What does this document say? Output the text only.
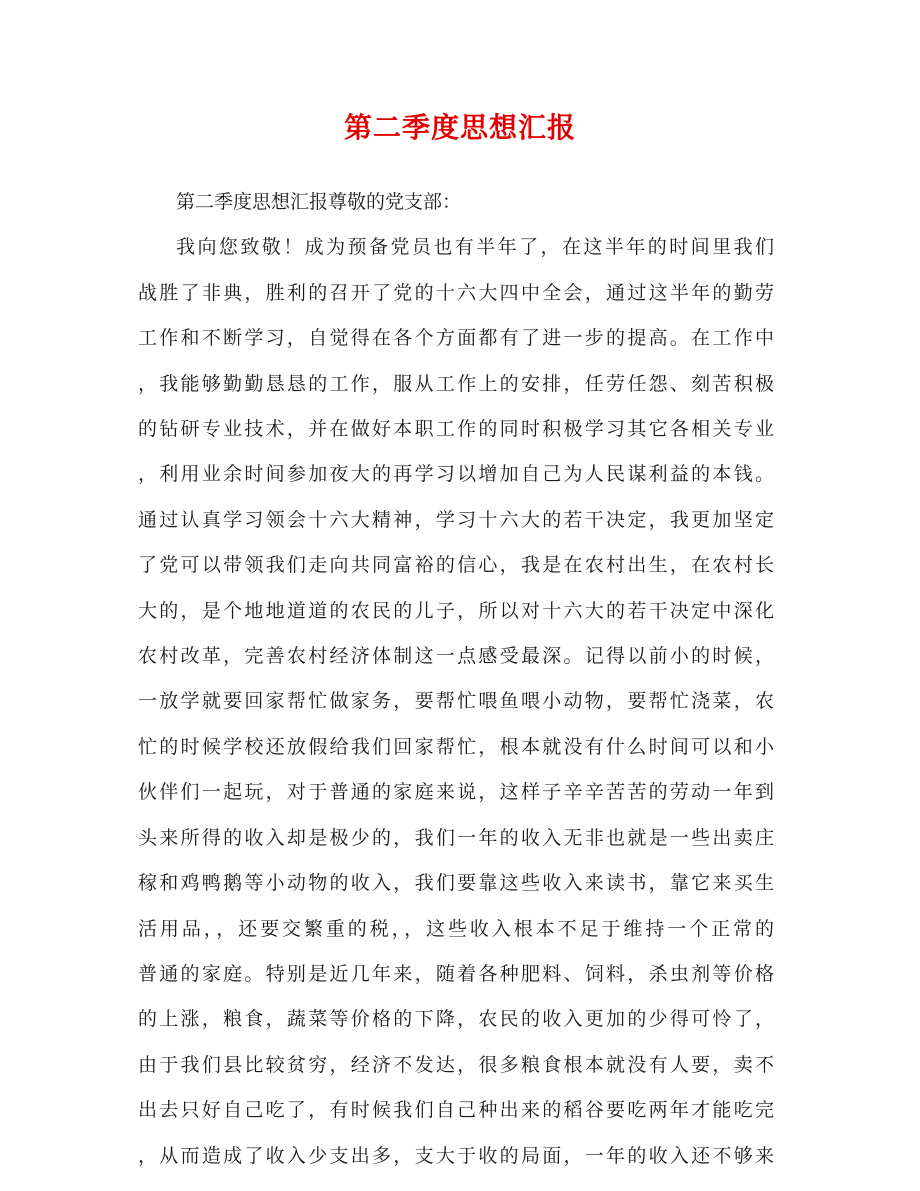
第二季度思想汇报
第二季度思想汇报尊敬的党支部：
我向您致敬！成为预备党员也有半年了，在这半年的时间里我们
战胜了非典，胜利的召开了党的十六大四中全会，通过这半年的勤劳
工作和不断学习，自觉得在各个方面都有了进一步的提高。在工作中
，我能够勤勤恳恳的工作，服从工作上的安排，任劳任怨、刻苦积极
的钻研专业技术，并在做好本职工作的同时积极学习其它各相关专业
，利用业余时间参加夜大的再学习以增加自己为人民谋利益的本钱。
通过认真学习领会十六大精神，学习十六大的若干决定，我更加坚定
了党可以带领我们走向共同富裕的信心，我是在农村出生，在农村长
大的，是个地地道道的农民的儿子，所以对十六大的若干决定中深化
农村改革，完善农村经济体制这一点感受最深。记得以前小的时候，
一放学就要回家帮忙做家务，要帮忙喂鱼喂小动物，要帮忙浇菜，农
忙的时候学校还放假给我们回家帮忙，根本就没有什么时间可以和小
伙伴们一起玩，对于普通的家庭来说，这样子辛辛苦苦的劳动一年到
头来所得的收入却是极少的，我们一年的收入无非也就是一些出卖庄
稼和鸡鸭鹅等小动物的收入，我们要靠这些收入来读书，靠它来买生
活用品，，还要交繁重的税，，这些收入根本不足于维持一个正常的
普通的家庭。特别是近几年来，随着各种肥料、饲料，杀虫剂等价格
的上涨，粮食，蔬菜等价格的下降，农民的收入更加的少得可怜了，
由于我们县比较贫穷，经济不发达，很多粮食根本就没有人要，卖不
出去只好自己吃了，有时候我们自己种出来的稻谷要吃两年才能吃完
，从而造成了收入少支出多，支大于收的局面，一年的收入还不够来
